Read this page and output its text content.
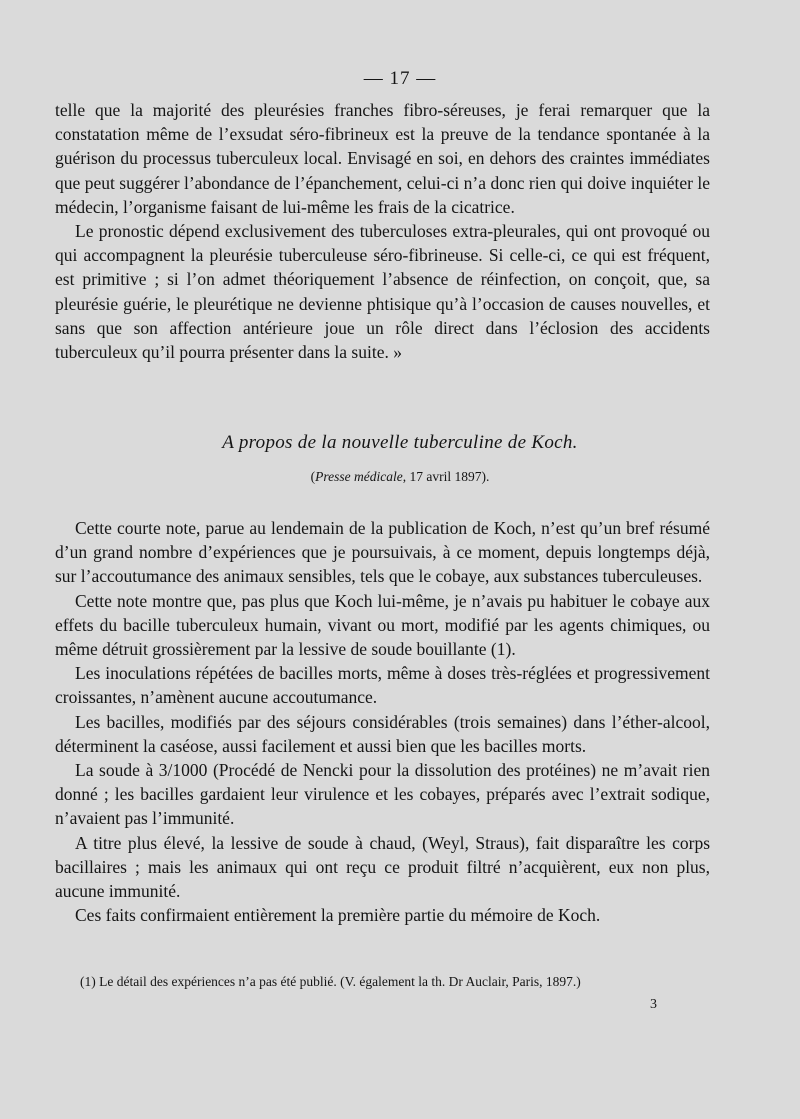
— 17 —

telle que la majorité des pleurésies franches fibro-séreuses, je ferai remarquer que la constatation même de l’exsudat séro-fibrineux est la preuve de la tendance spontanée à la guérison du processus tuberculeux local. Envisagé en soi, en dehors des craintes immédiates que peut suggérer l’abondance de l’épanchement, celui-ci n’a donc rien qui doive inquiéter le médecin, l’organisme faisant de lui-même les frais de la cicatrice.

Le pronostic dépend exclusivement des tuberculoses extra-pleurales, qui ont provoqué ou qui accompagnent la pleurésie tuberculeuse séro-fibrineuse. Si celle-ci, ce qui est fréquent, est primitive ; si l’on admet théoriquement l’absence de réinfection, on conçoit, que, sa pleurésie guérie, le pleurétique ne devienne phtisique qu’à l’occasion de causes nouvelles, et sans que son affection antérieure joue un rôle direct dans l’éclosion des accidents tuberculeux qu’il pourra présenter dans la suite. »

A propos de la nouvelle tuberculine de Koch.
(Presse médicale, 17 avril 1897).

Cette courte note, parue au lendemain de la publication de Koch, n’est qu’un bref résumé d’un grand nombre d’expériences que je poursuivais, à ce moment, depuis longtemps déjà, sur l’accoutumance des animaux sensibles, tels que le cobaye, aux substances tuberculeuses.

Cette note montre que, pas plus que Koch lui-même, je n’avais pu habituer le cobaye aux effets du bacille tuberculeux humain, vivant ou mort, modifié par les agents chimiques, ou même détruit grossièrement par la lessive de soude bouillante (1).

Les inoculations répétées de bacilles morts, même à doses très-réglées et progressivement croissantes, n’amènent aucune accoutumance.

Les bacilles, modifiés par des séjours considérables (trois semaines) dans l’éther-alcool, déterminent la caséose, aussi facilement et aussi bien que les bacilles morts.

La soude à 3/1000 (Procédé de Nencki pour la dissolution des protéines) ne m’avait rien donné ; les bacilles gardaient leur virulence et les cobayes, préparés avec l’extrait sodique, n’avaient pas l’immunité.

A titre plus élevé, la lessive de soude à chaud, (Weyl, Straus), fait disparaître les corps bacillaires ; mais les animaux qui ont reçu ce produit filtré n’acquièrent, eux non plus, aucune immunité.

Ces faits confirmaient entièrement la première partie du mémoire de Koch.

(1) Le détail des expériences n’a pas été publié. (V. également la th. Dr Auclair, Paris, 1897.)
3
